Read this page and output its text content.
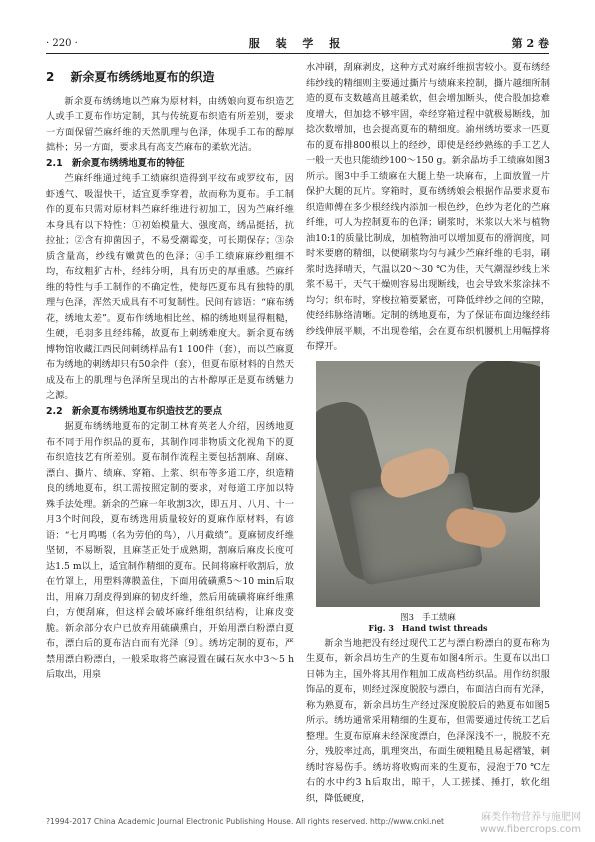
· 220 ·	服 装 学 报	第 2 卷
2 新余夏布绣绣地夏布的织造

新余夏布绣绣地以苎麻为原材料，由绣娘向夏布织造艺人或手工夏布作坊定制，其与传统夏布织造有所差别，要求一方面保留苎麻纤维的天然肌理与色泽，体现手工布的醇厚拙朴；另一方面，要求具有高支苎麻布的柔软光洁。

2.1　新余夏布绣绣地夏布的特征

苎麻纤维通过纯手工绩麻织造得到平纹布或罗纹布，因虾透气、吸湿快干，适宜夏季穿着，故而称为夏布。手工制作的夏布只需对原材料苎麻纤维进行初加工，因为苎麻纤维本身具有以下特性：①初始模量大、强度高，绣品挺括，抗拉扯；②含有抑菌因子，不易受潮霉变，可长期保存；③杂质含量高，纱线有嫩黄色的色泽；④手工绩麻麻纱粗细不均，布纹粗犷古朴，经纬分明，具有历史的厚重感。苎麻纤维的特性与手工制作的不确定性，使每匹夏布具有独特的肌理与色泽，浑然天成具有不可复制性。民间有谚语：“麻布绣花，绣地太差”。夏布作绣地相比丝、棉的绣地则显得粗糙，生硬，毛羽多且经纬稀，故夏布上刺绣难度大。新余夏布绣博物馆收藏江西民间刺绣样品有1 100件（套），而以苎麻夏布为绣地的刺绣却只有50余件（套），但夏布原材料的自然天成及布上的肌理与色泽所呈现出的古朴醇厚正是夏布绣魅力之源。

2.2　新余夏布绣绣地夏布织造技艺的要点

据夏布绣绣地夏布的定制工林育英老人介绍，因绣地夏布不同于用作织品的夏布，其制作同非物质文化视角下的夏布织造技艺有所差别。夏布制作流程主要包括割麻、刮麻、漂白、撕片、绩麻、穿箱、上浆、织布等多道工序，织造精良的绣地夏布，织工需按照定制的要求，对每道工序加以特殊手法处理。新余的苎麻一年收割3次，即五月、八月、十一月3个时间段，夏布绣选用质量较好的夏麻作原材料，有谚语：“七月鸣嗎（名为劳伯的鸟），八月截绩”。夏麻韧皮纤维坚韧，不易断裂，且麻茎正处于成熟期，割麻后麻皮长度可达1.5 m以上，适宜制作精细的夏布。民间将麻杆收割后，放在竹罩上，用塑料薄膜盖住，下面用硫磺熏5～10 min后取出，用麻刀刮皮得到麻的韧皮纤维，然后用硫磺将麻纤维熏白，方便刮麻，但这样会破坏麻纤维组织结构，让麻皮变脆。新余部分农户已放弃用硫磺熏白，开始用漂白粉漂白夏布，漂白后的夏布洁白而有光泽〔9〕。绣坊定制的夏布，严禁用漂白粉漂白，一般采取将苎麻浸置在碱石灰水中3～5 h后取出，用泉

水冲刷，刮麻剥皮，这种方式对麻纤维损害较小。夏布绣经纬纱线的精细则主要通过撕片与绩麻来控制，撕片越细所制造的夏布支数越高且越柔软，但会增加断头，使合股加捻难度增大，但加捻不够牢固，牵经穿箱过程中就极易断线，加捻次数增加，也会提高夏布的精细度。渝州绣坊要求一匹夏布的夏布排800根以上的经纱，即使是经纱熟练的手工艺人一般一天也只能绩纱100～150 g。新余晶坊手工绩麻如图3所示。图3中手工绩麻在大腿上垫一块麻布，上面放置一片保护大腿的瓦片。穿箱时，夏布绣绣娘会根据作品要求夏布织造师傅在多少根经线内添加一根色纱，色纱为老化的苎麻纤维，可人为控制夏布的色泽；刷浆时，米浆以大米与植物油10:1的质量比制成，加植物油可以增加夏布的滑润度，同时米要磨的精细，以便刷浆均匀与减少苎麻纤维的毛羽，刷浆时选择晴天，气温以20～30 ℃为佳，天气潮湿纱线上米浆不易干，天气干燥则容易出现断线，也会导致米浆涂抹不均匀；织布时，穿梭拉箱要紧密，可降低绊纱之间的空隙，使经纬脉络清晰。定制的绣地夏布，为了保证布面边缘经纬纱线伸展平顺，不出现卷缩，会在夏布织机腰机上用幅撑将布撑开。

图3　手工绩麻

Fig. 3　Hand twist threads

新余当地把没有经过现代工艺与漂白粉漂白的夏布称为生夏布，新余昌坊生产的生夏布如图4所示。生夏布以出口日韩为主，国外将其用作粗加工成高档纺织品。用作纺织服饰品的夏布，则经过深度脱胶与漂白，布面洁白而有光泽，称为熟夏布，新余昌坊生产经过深度脱胶后的熟夏布如图5所示。绣坊通常采用精细的生夏布，但需要通过传统工艺后整理。生夏布原麻未经深度漂白，色泽深浅不一，脱胶不充分，残胶率过高，肌理突出，布面生硬粗糙且易起褶皱，刺绣时容易伤手。绣坊将收购而来的生夏布，浸泡于70 ℃左右的水中约3 h后取出，晾干，人工搓揉、捶打，软化组织，降低硬度，

?1994-2017 China Academic Journal Electronic Publishing House. All rights reserved. http://www.cnki.net	麻类作物营养与施肥网
www.fibercrops.com
